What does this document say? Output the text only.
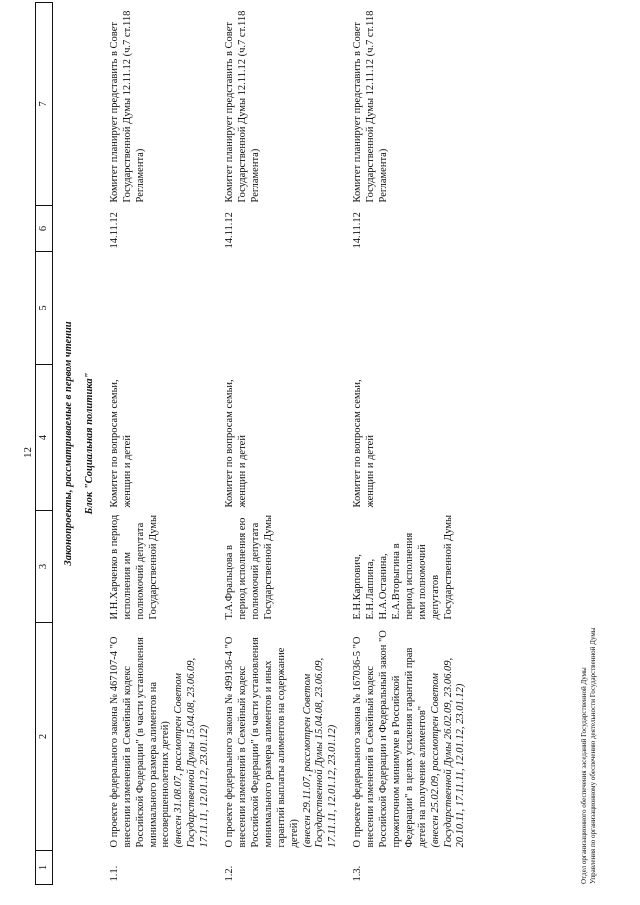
12
1	2	3	4	5	6	7
Законопроекты, рассматриваемые в первом чтении						
Блок "Социальная политика"						
1.1.	О проекте федерального закона № 467107-4 "О внесении изменений в Семейный кодекс Российской Федерации" (в части установления минимального размера алиментов на несовершеннолетних детей) (внесен 31.08.07, рассмотрен Советом Государственной Думы 15.04.08, 23.06.09, 17.11.11, 12.01.12, 23.01.12)	И.Н.Харченко в период исполнения им полномочий депутата Государственной Думы	Комитет по вопросам семьи, женщин и детей		14.11.12	Комитет планирует представить в Совет Государственной Думы 12.11.12 (ч.7 ст.118 Регламента)
1.2.	О проекте федерального закона № 499136-4 "О внесении изменений в Семейный кодекс Российской Федерации" (в части установления минимального размера алиментов и иных гарантий выплаты алиментов на содержание детей) (внесен 29.11.07, рассмотрен Советом Государственной Думы 15.04.08, 23.06.09, 17.11.11, 12.01.12, 23.01.12)	Т.А.Фральцова в период исполнения ею полномочий депутата Государственной Думы	Комитет по вопросам семьи, женщин и детей		14.11.12	Комитет планирует представить в Совет Государственной Думы 12.11.12 (ч.7 ст.118 Регламента)
1.3.	О проекте федерального закона № 167036-5 "О внесении изменений в Семейный кодекс Российской Федерации и Федеральный закон "О прожиточном минимуме в Российской Федерации" в целях усиления гарантий прав детей на получение алиментов" (внесен 25.02.09, рассмотрен Советом Государственной Думы 26.02.09, 23.06.09, 20.10.11, 17.11.11, 12.01.12, 23.01.12)	Е.Н.Карпович, Е.Н.Лаппина, Н.А.Останина, Е.А.Вторыгина в период исполнения ими полномочий депутатов Государственной Думы	Комитет по вопросам семьи, женщин и детей		14.11.12	Комитет планирует представить в Совет Государственной Думы 12.11.12 (ч.7 ст.118 Регламента)
Отдел организационного обеспечения заседаний Государственной Думы Управления по организационному обеспечению деятельности Государственной Думы
